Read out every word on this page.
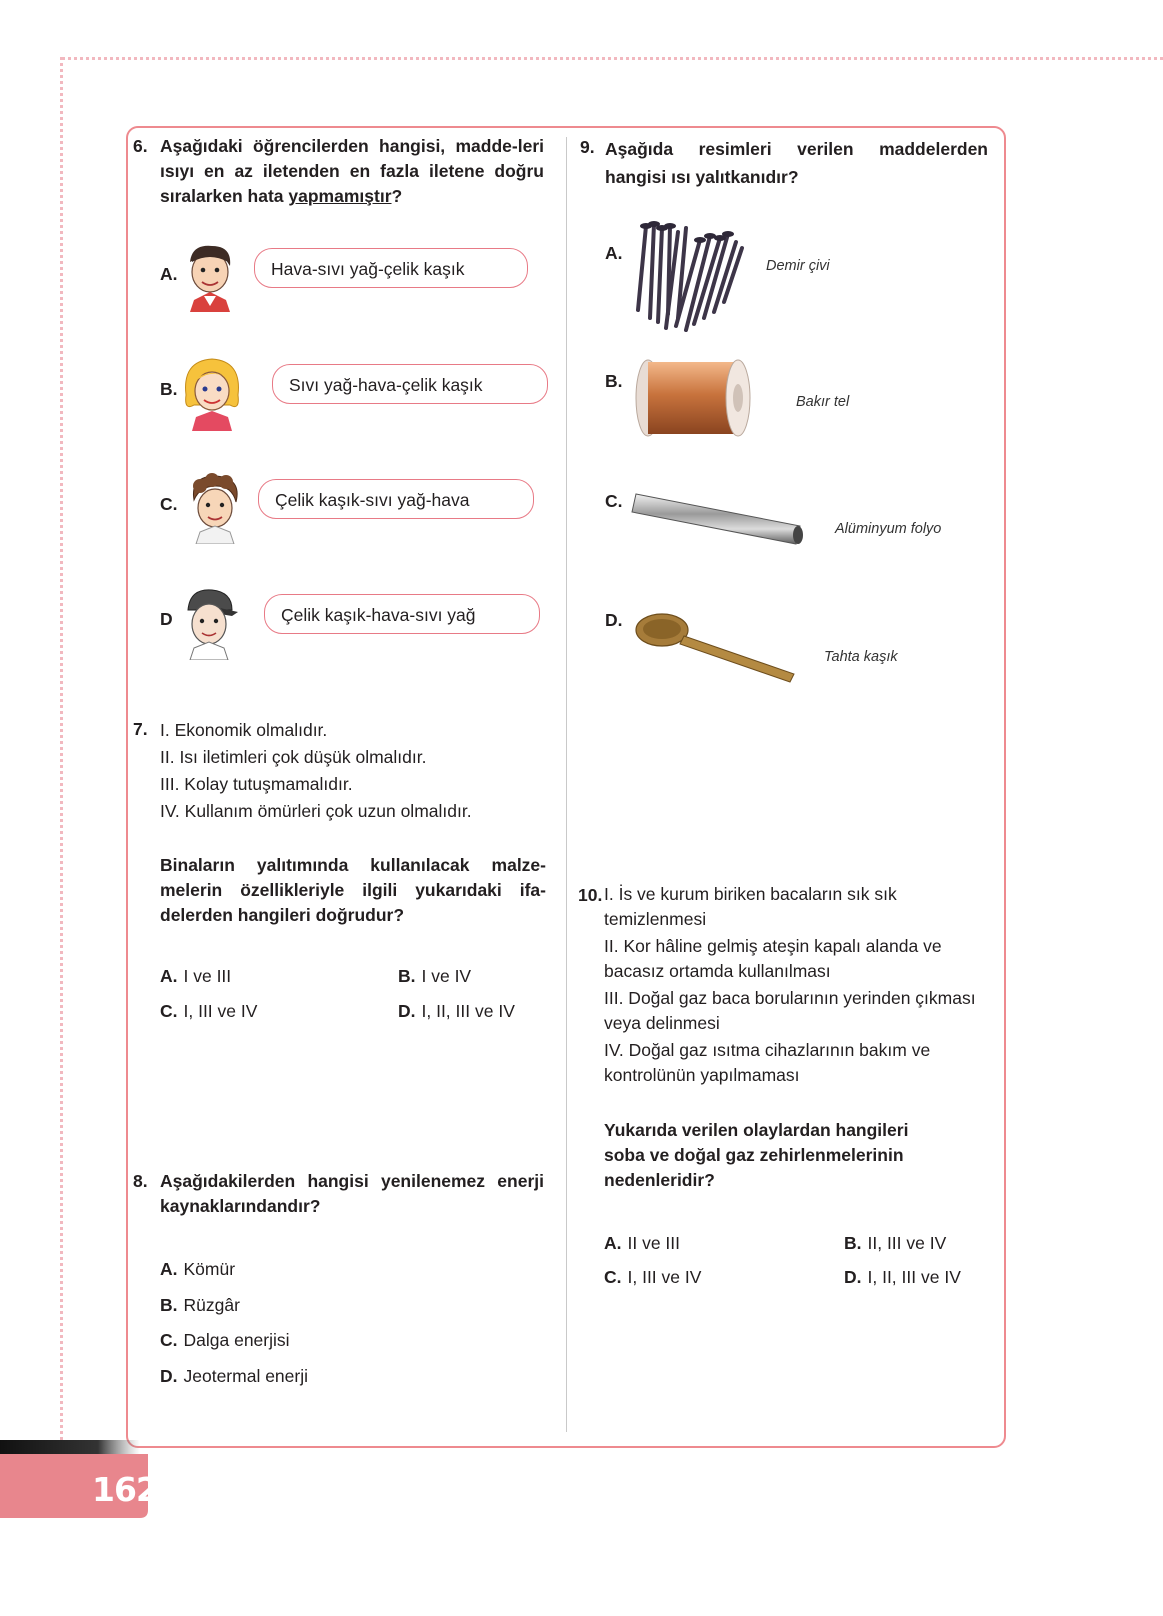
6. Aşağıdaki öğrencilerden hangisi, madde-leri ısıyı en az iletenden en fazla iletene doğru sıralarken hata yapmamıştır?
A.	Hava-sıvı yağ-çelik kaşık
B.	Sıvı yağ-hava-çelik kaşık
C.	Çelik kaşık-sıvı yağ-hava
D	Çelik kaşık-hava-sıvı yağ
7. I. Ekonomik olmalıdır.
II. Isı iletimleri çok düşük olmalıdır.
III. Kolay tutuşmamalıdır.
IV. Kullanım ömürleri çok uzun olmalıdır.
Binaların yalıtımında kullanılacak malze-melerin özellikleriyle ilgili yukarıdaki ifa-delerden hangileri doğrudur?
A. I ve III	B. I ve IV
C. I, III ve IV	D. I, II, III ve IV
8. Aşağıdakilerden hangisi yenilenemez enerji kaynaklarındandır?
A. Kömür
B. Rüzgâr
C. Dalga enerjisi
D. Jeotermal enerji
9. Aşağıda resimleri verilen maddelerden hangisi ısı yalıtkanıdır?
A.
Demir çivi
B.
Bakır tel
C.
Alüminyum folyo
D.
Tahta kaşık
10. I. İs ve kurum biriken bacaların sık sık temizlenmesi
II. Kor hâline gelmiş ateşin kapalı alanda ve bacasız ortamda kullanılması
III. Doğal gaz baca borularının yerinden çıkması veya delinmesi
IV. Doğal gaz ısıtma cihazlarının bakım ve kontrolünün yapılmaması
Yukarıda verilen olaylardan hangileri soba ve doğal gaz zehirlenmelerinin nedenleridir?
A. II ve III	B. II, III ve IV
C. I, III ve IV	D. I, II, III ve IV
162
